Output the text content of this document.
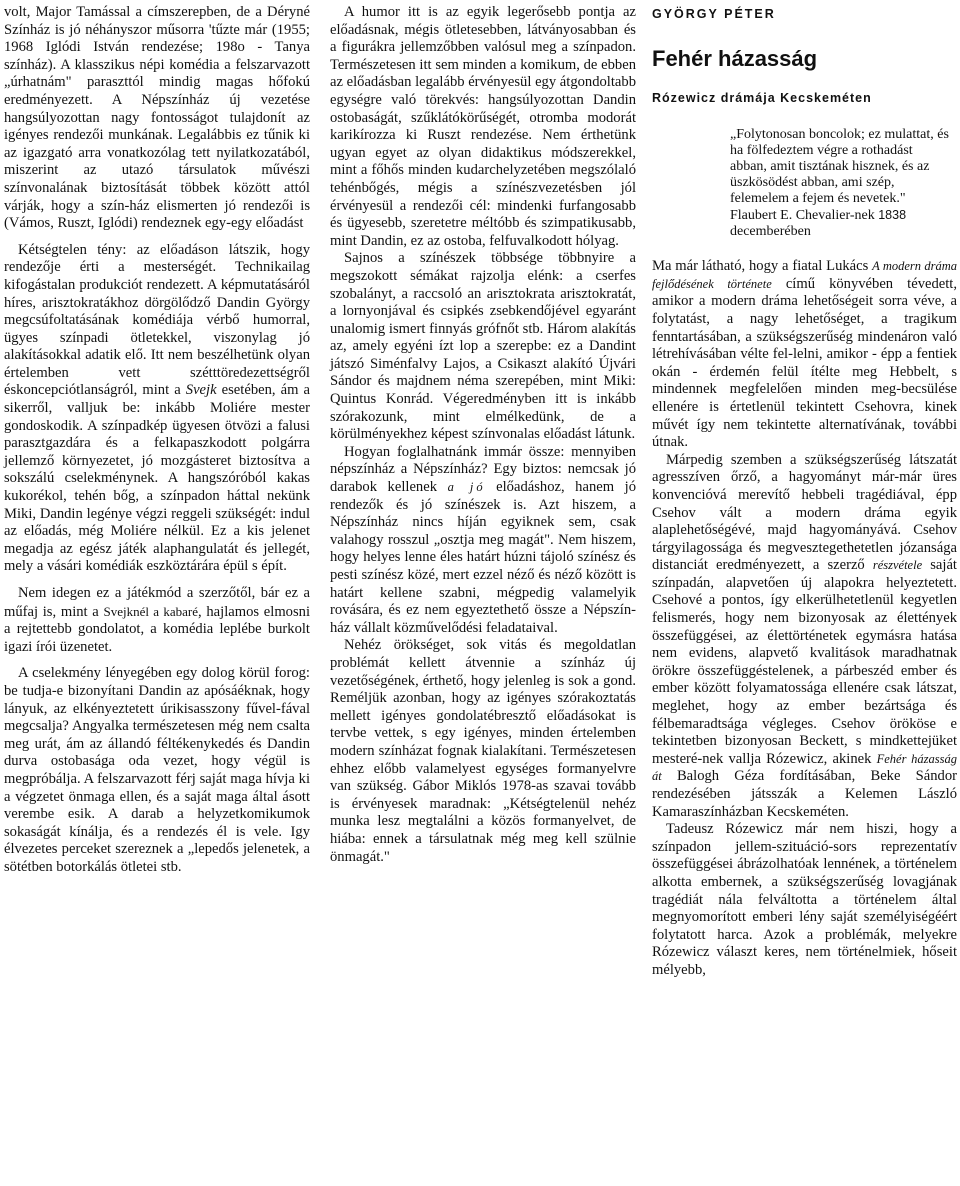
volt, Major Tamással a címszerepben, de a Déryné Színház is jó néhányszor műsorra 'tűzte már (1955; 1968 Iglódi István rendezése; 198o - Tanya színház). A klasszikus népi komédia a felszarvazott „úrhatnám" paraszttól mindig magas hőfokú eredményezett. A Népszínház új vezetése hangsúlyozottan nagy fontosságot tulajdonít az igényes rendezői munkának. Legalábbis ez tűnik ki az igazgató arra vonatkozólag tett nyilatkozatából, miszerint az utazó társulatok művészi színvonalának biztosítását többek között attól várják, hogy a szín-ház elismerten jó rendezői is (Vámos, Ruszt, Iglódi) rendeznek egy-egy előadást

Kétségtelen tény: az előadáson látszik, hogy rendezője érti a mesterségét. Technikailag kifogástalan produkciót rendezett. A képmutatásáról híres, arisztokratákhoz dörgölődző Dandin György megcsúfoltatásának komédiája vérbő humorral, ügyes színpadi ötletekkel, viszonylag jó alakításokkal adatik elő. Itt nem beszélhetünk olyan értelemben vett szétttöredezettségről éskoncepciótlanságról, mint a Svejk esetében, ám a sikerről, valljuk be: inkább Moliére mester gondoskodik. A színpadkép ügyesen ötvözi a falusi parasztgazdára és a felkapaszkodott polgárra jellemző környezetet, jó mozgásteret biztosítva a sokszálú cselekménynek. A hangszóróból kakas kukorékol, tehén bőg, a színpadon háttal nekünk Miki, Dandin legénye végzi reggeli szükségét: indul az előadás, még Moliére nélkül. Ez a kis jelenet megadja az egész játék alaphangulatát és jellegét, mely a vásári komédiák eszköztárára épül s épít.

Nem idegen ez a játékmód a szerzőtől, bár ez a műfaj is, mint a Svejknél a kabaré, hajlamos elmosni a rejtettebb gondolatot, a komédia leplébe burkolt igazi írói üzenetet.

A cselekmény lényegében egy dolog körül forog: be tudja-e bizonyítani Dandin az apósáéknak, hogy lányuk, az elkényeztetett úrikisasszony fűvel-fával megcsalja? Angyalka természetesen még nem csalta meg urát, ám az állandó féltékenykedés és Dandin durva ostobasága oda vezet, hogy végül is megpróbálja. A felszarvazott férj saját maga hívja ki a végzetet önmaga ellen, és a saját maga által ásott verembe esik. A darab a helyzetkomikumok sokaságát kínálja, és a rendezés él is vele. Igy élvezetes perceket szereznek a „lepedős jelenetek, a sötétben botorkálás ötletei stb.

A humor itt is az egyik legerősebb pontja az előadásnak, mégis ötletesebben, látványosabban és a figurákra jellemzőbben valósul meg a színpadon. Természetesen itt sem minden a komikum, de ebben az előadásban legalább érvényesül egy átgondoltabb egységre való törekvés: hangsúlyozottan Dandin ostobaságát, szűklátókörűségét, otromba modorát karikírozza ki Ruszt rendezése. Nem érthetünk ugyan egyet az olyan didaktikus módszerekkel, mint a főhős minden kudarchelyzetében megszólaló tehénbőgés, mégis a színészvezetésben jól érvényesül a rendezői cél: mindenki furfangosabb és ügyesebb, szeretetre méltóbb és szimpatikusabb, mint Dandin, ez az ostoba, felfuvalkodott hólyag.

Sajnos a színészek többsége többnyire a megszokott sémákat rajzolja elénk: a cserfes szobalányt, a raccsoló an arisztokrata arisztokratát, a lornyonjával és csipkés zsebkendőjével egyaránt unalomig ismert finnyás grófnőt stb. Három alakítás az, amely egyéni ízt lop a szerepbe: ez a Dandint játszó Siménfalvy Lajos, a Csikaszt alakító Újvári Sándor és majdnem néma szerepében, mint Miki: Quintus Konrád. Végeredményben itt is inkább szórakozunk, mint elmélkedünk, de a körülményekhez képest színvonalas előadást látunk.

Hogyan foglalhatnánk immár össze: mennyiben népszínház a Népszínház? Egy biztos: nemcsak jó darabok kellenek a jó előadáshoz, hanem jó rendezők és jó színészek is. Azt hiszem, a Népszínház nincs híján egyiknek sem, csak valahogy rosszul „osztja meg magát". Nem hiszem, hogy helyes lenne éles határt húzni tájoló színész és pesti színész közé, mert ezzel néző és néző között is határt kellene szabni, mégpedig valamelyik rovására, és ez nem egyeztethető össze a Népszín-ház vállalt közművelődési feladataival.

Nehéz örökséget, sok vitás és megoldatlan problémát kellett átvennie a színház új vezetőségének, érthető, hogy jelenleg is sok a gond. Reméljük azonban, hogy az igényes szórakoztatás mellett igényes gondolatébresztő előadásokat is tervbe vettek, s egy igényes, minden értelemben modern színházat fognak kialakítani. Természetesen ehhez előbb valamelyest egységes formanyelvre van szükség. Gábor Miklós 1978-as szavai tovább is érvényesek maradnak: „Kétségtelenül nehéz munka lesz megtalálni a közös formanyelvet, de hiába: ennek a társulatnak még meg kell szülnie önmagát."

GYÖRGY PÉTER
Fehér házasság
Rózewicz drámája Kecskeméten
„Folytonosan boncolok; ez mulattat, és ha fölfedeztem végre a rothadást abban, amit tisztának hisznek, és az üszkösödést abban, ami szép, felemelem a fejem és nevetek."
Flaubert E. Chevalier-nek 1838 decemberében

Ma már látható, hogy a fiatal Lukács A modern dráma fejlődésének története című könyvében tévedett, amikor a modern dráma lehetőségeit sorra véve, a folytatást, a nagy lehetőséget, a tragikum fenntartásában, a szükségszerűség mindenáron való létrehívásában vélte fel-lelni, amikor - épp a fentiek okán - érdemén felül ítélte meg Hebbelt, s mindennek megfelelően minden meg-becsülése ellenére is értetlenül tekintett Csehovra, kinek művét így nem tekintette alternatívának, további útnak.

Márpedig szemben a szükségszerűség látszatát agresszíven őrző, a hagyományt már-már üres konvencióvá merevítő hebbeli tragédiával, épp Csehov vált a modern dráma egyik alaplehetőségévé, majd hagyományává. Csehov tárgyilagossága és megvesztegethetetlen józansága distanciát eredményezett, a szerző részvétele saját színpadán, alapvetően új alapokra helyeztetett. Csehové a pontos, így elkerülhetetlenül kegyetlen felismerés, hogy nem bizonyosak az élettények összefüggései, az élettörténetek egymásra hatása nem evidens, alapvető kvalitások maradhatnak örökre összefüggéstelenek, a párbeszéd ember és ember között folyamatossága ellenére csak látszat, meglehet, hogy az ember bezártsága és félbemaradtsága végleges. Csehov örököse e tekintetben bizonyosan Beckett, s mindkettejüket mesteré-nek vallja Rózewicz, akinek Fehér házasság át Balogh Géza fordításában, Beke Sándor rendezésében játsszák a Kelemen László Kamaraszínházban Kecskeméten.

Tadeusz Rózewicz már nem hiszi, hogy a színpadon jellem-szituáció-sors reprezentatív összefüggései ábrázolhatóak lennének, a történelem alkotta embernek, a szükségszerűség lovagjának tragédiát nála felváltotta a történelem által megnyomorított emberi lény saját személyiségéért folytatott harca. Azok a problémák, melyekre Rózewicz választ keres, nem történelmiek, hőseit mélyebb,
